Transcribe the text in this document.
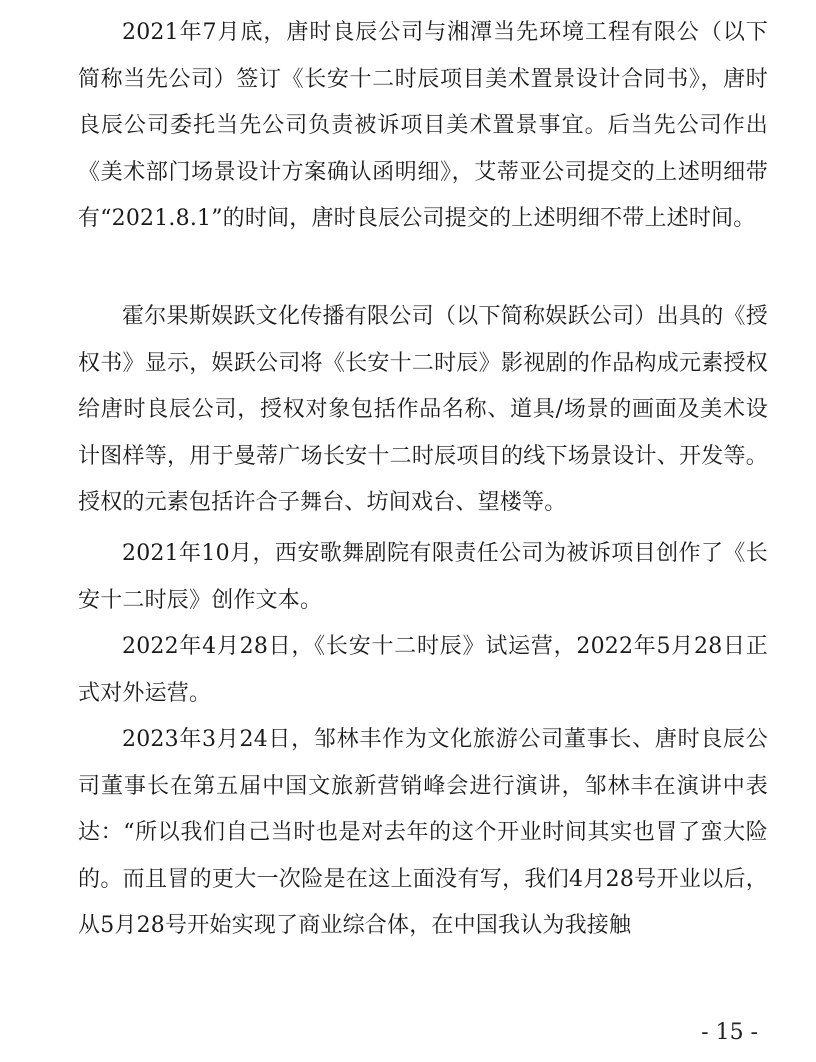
2021年7月底，唐时良辰公司与湘潭当先环境工程有限公（以下简称当先公司）签订《长安十二时辰项目美术置景设计合同书》，唐时良辰公司委托当先公司负责被诉项目美术置景事宜。后当先公司作出《美术部门场景设计方案确认函明细》，艾蒂亚公司提交的上述明细带有“2021.8.1”的时间，唐时良辰公司提交的上述明细不带上述时间。

霍尔果斯娱跃文化传播有限公司（以下简称娱跃公司）出具的《授权书》显示，娱跃公司将《长安十二时辰》影视剧的作品构成元素授权给唐时良辰公司，授权对象包括作品名称、道具/场景的画面及美术设计图样等，用于曼蒂广场长安十二时辰项目的线下场景设计、开发等。授权的元素包括许合子舞台、坊间戏台、望楼等。

2021年10月，西安歌舞剧院有限责任公司为被诉项目创作了《长安十二时辰》创作文本。

2022年4月28日，《长安十二时辰》试运营，2022年5月28日正式对外运营。

2023年3月24日，邹林丰作为文化旅游公司董事长、唐时良辰公司董事长在第五届中国文旅新营销峰会进行演讲，邹林丰在演讲中表达：“所以我们自己当时也是对去年的这个开业时间其实也冒了蛮大险的。而且冒的更大一次险是在这上面没有写，我们4月28号开业以后，从5月28号开始实现了商业综合体，在中国我认为我接触

- 15 -
